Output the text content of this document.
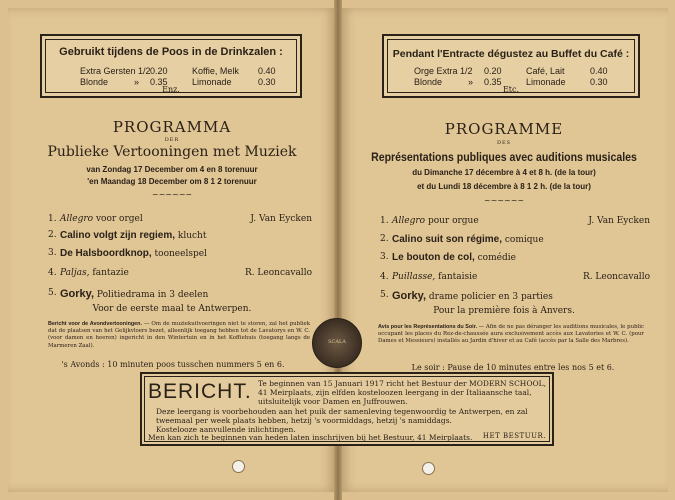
Gebruikt tijdens de Poos in de Drinkzalen :
Extra Gersten 1/2 0.20	Koffie, Melk 0.40
Blonde	» 0.35	Limonade	0.30
Enz.
PROGRAMMA
DER
Publieke Vertooningen met Muziek
van Zondag 17 December om 4 en 8 torenuur
'en Maandag 18 December om 8 1 2 torenuur
~~~~~~
1. Allegro voor orgel	J. Van Eycken
2. Calino volgt zijn regiem, klucht
3. De Halsboordknop, tooneelspel
4. Paljas, fantazie	R. Leoncavallo
5. Gorky, Politiedrama in 3 deelen
Voor de eerste maal te Antwerpen.
Bericht voor de Avondvertooningen. — Om de muziekuitvoeringen niet te storen, zal het publiek dat de plaatsen van het Gelijkvloers bezet, alleenlijk toegang hebben tot de Lavatorys en W. C. (voor damen en heeren) ingericht in den Wintertuin en in het Koffiehuis (toegang langs de Marmeren Zaal).
's Avonds : 10 minuten poos tusschen nummers 5 en 6.
Pendant l'Entracte dégustez au Buffet du Café :
Orge Extra 1/2 0.20	Café, Lait	0.40
Blonde	» 0.35	Limonade	0.30
Etc.
PROGRAMME
DES
Représentations publiques avec auditions musicales
du Dimanche 17 décembre à 4 et 8 h. (de la tour)
et du Lundi 18 décembre à 8 1 2 h. (de la tour)
~~~~~~
1. Allegro pour orgue	J. Van Eycken
2. Calino suit son régime, comique
3. Le bouton de col, comédie
4. Puillasse, fantaisie	R. Leoncavallo
5. Gorky, drame policier en 3 parties
Pour la première fois à Anvers.
Avis pour les Représentations du Soir. — Afin de ne pas déranger les auditions musicales, le public occupant les places du Rez-de-chaussée aura exclusivement accès aux Lavatories et W. C. (pour Dames et Messieurs) installés au Jardin d'hiver et au Café (accès par la Salle des Marbres).
Le soir : Pause de 10 minutes entre les nos 5 et 6.
SCALA
BERICHT. Te beginnen van 15 Januari 1917 richt het Bestuur der MODERN SCHOOL,
41 Meirplaats, zijn elfden kosteloozen leergang in der Italiaansche taal,
uitsluitelijk voor Damen en Juffrouwen.
Deze leergang is voorbehouden aan het puik der samenleving tegenwoordig te Antwerpen, en zal
tweemaal per week plaats hebben, hetzij 's voormiddags, hetzij 's namiddags.
Kostelooze aanvullende inlichtingen.
Men kan zich te beginnen van heden laten inschrijven bij het Bestuur, 41 Meirplaats. HET BESTUUR.
